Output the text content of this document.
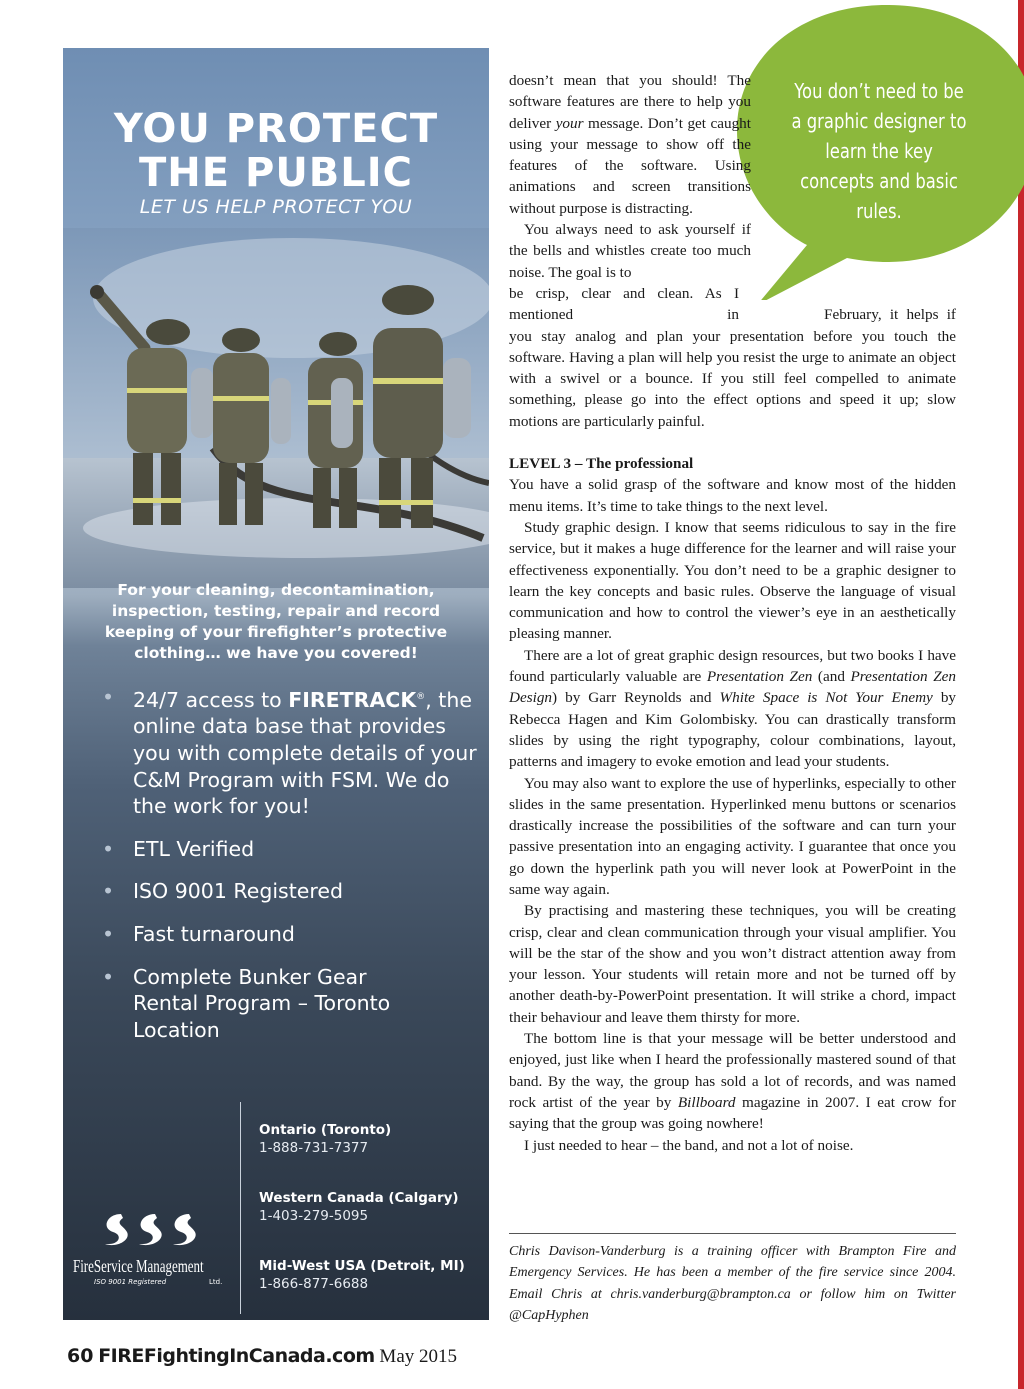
YOU PROTECT
THE PUBLIC
LET US HELP PROTECT YOU
For your cleaning, decontamination, inspection, testing, repair and record keeping of your firefighter’s protective clothing… we have you covered!
• 24/7 access to FIRETRACK®, the online data base that provides you with complete details of your C&M Program with FSM. We do the work for you!
• ETL Verified
• ISO 9001 Registered
• Fast turnaround
• Complete Bunker Gear Rental Program – Toronto Location
FireService Management
ISO 9001 Registered	Ltd.
Ontario (Toronto)
1-888-731-7377
Western Canada (Calgary)
1-403-279-5095
Mid-West USA (Detroit, MI)
1-866-877-6688
You don’t need to be a graphic designer to learn the key concepts and basic rules.

doesn’t mean that you should! The software features are there to help you deliver your message. Don’t get caught using your message to show off the features of the software. Using animations and screen transitions without purpose is distracting.

You always need to ask yourself if the bells and whistles create too much noise. The goal is to

be crisp, clear and clean. As I mentioned in	February, it helps if you stay analog and plan your presentation before you touch the software. Having a plan will help you resist the urge to animate an object with a swivel or a bounce. If you still feel compelled to animate something, please go into the effect options and speed it up; slow motions are particularly painful.

LEVEL 3 – The professional

You have a solid grasp of the software and know most of the hidden menu items. It’s time to take things to the next level.

Study graphic design. I know that seems ridiculous to say in the fire service, but it makes a huge difference for the learner and will raise your effectiveness exponentially. You don’t need to be a graphic designer to learn the key concepts and basic rules. Observe the language of visual communication and how to control the viewer’s eye in an aesthetically pleasing manner.

There are a lot of great graphic design resources, but two books I have found particularly valuable are Presentation Zen (and Presentation Zen Design) by Garr Reynolds and White Space is Not Your Enemy by Rebecca Hagen and Kim Golombisky. You can drastically transform slides by using the right typography, colour combinations, layout, patterns and imagery to evoke emotion and lead your students.

You may also want to explore the use of hyperlinks, especially to other slides in the same presentation. Hyperlinked menu buttons or scenarios drastically increase the possibilities of the software and can turn your passive presentation into an engaging activity. I guarantee that once you go down the hyperlink path you will never look at PowerPoint in the same way again.

By practising and mastering these techniques, you will be creating crisp, clear and clean communication through your visual amplifier. You will be the star of the show and you won’t distract attention away from your lesson. Your students will retain more and not be turned off by another death-by-PowerPoint presentation. It will strike a chord, impact their behaviour and leave them thirsty for more.

The bottom line is that your message will be better understood and enjoyed, just like when I heard the professionally mastered sound of that band. By the way, the group has sold a lot of records, and was named rock artist of the year by Billboard magazine in 2007. I eat crow for saying that the group was going nowhere!

I just needed to hear – the band, and not a lot of noise.

Chris Davison-Vanderburg is a training officer with Brampton Fire and Emergency Services. He has been a member of the fire service since 2004. Email Chris at chris.vanderburg@brampton.ca or follow him on Twitter @CapHyphen
60 FIREFightingInCanada.com May 2015
